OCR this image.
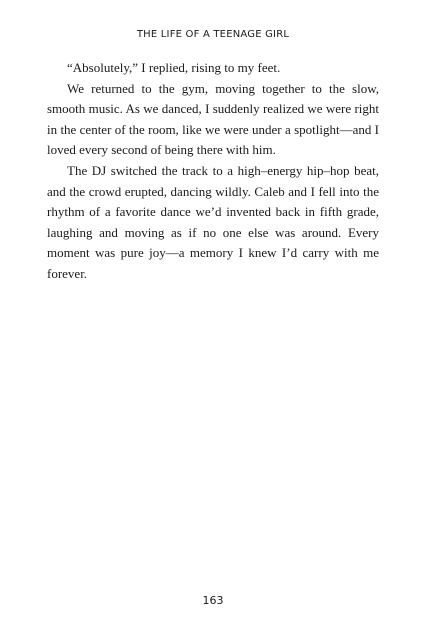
THE LIFE OF A TEENAGE GIRL

“Absolutely,” I replied, rising to my feet.

We returned to the gym, moving together to the slow, smooth music. As we danced, I suddenly realized we were right in the center of the room, like we were under a spotlight—and I loved every second of being there with him.

The DJ switched the track to a high–energy hip–hop beat, and the crowd erupted, dancing wildly. Caleb and I fell into the rhythm of a favorite dance we’d invented back in fifth grade, laughing and moving as if no one else was around. Every moment was pure joy—a memory I knew I’d carry with me forever.

163
